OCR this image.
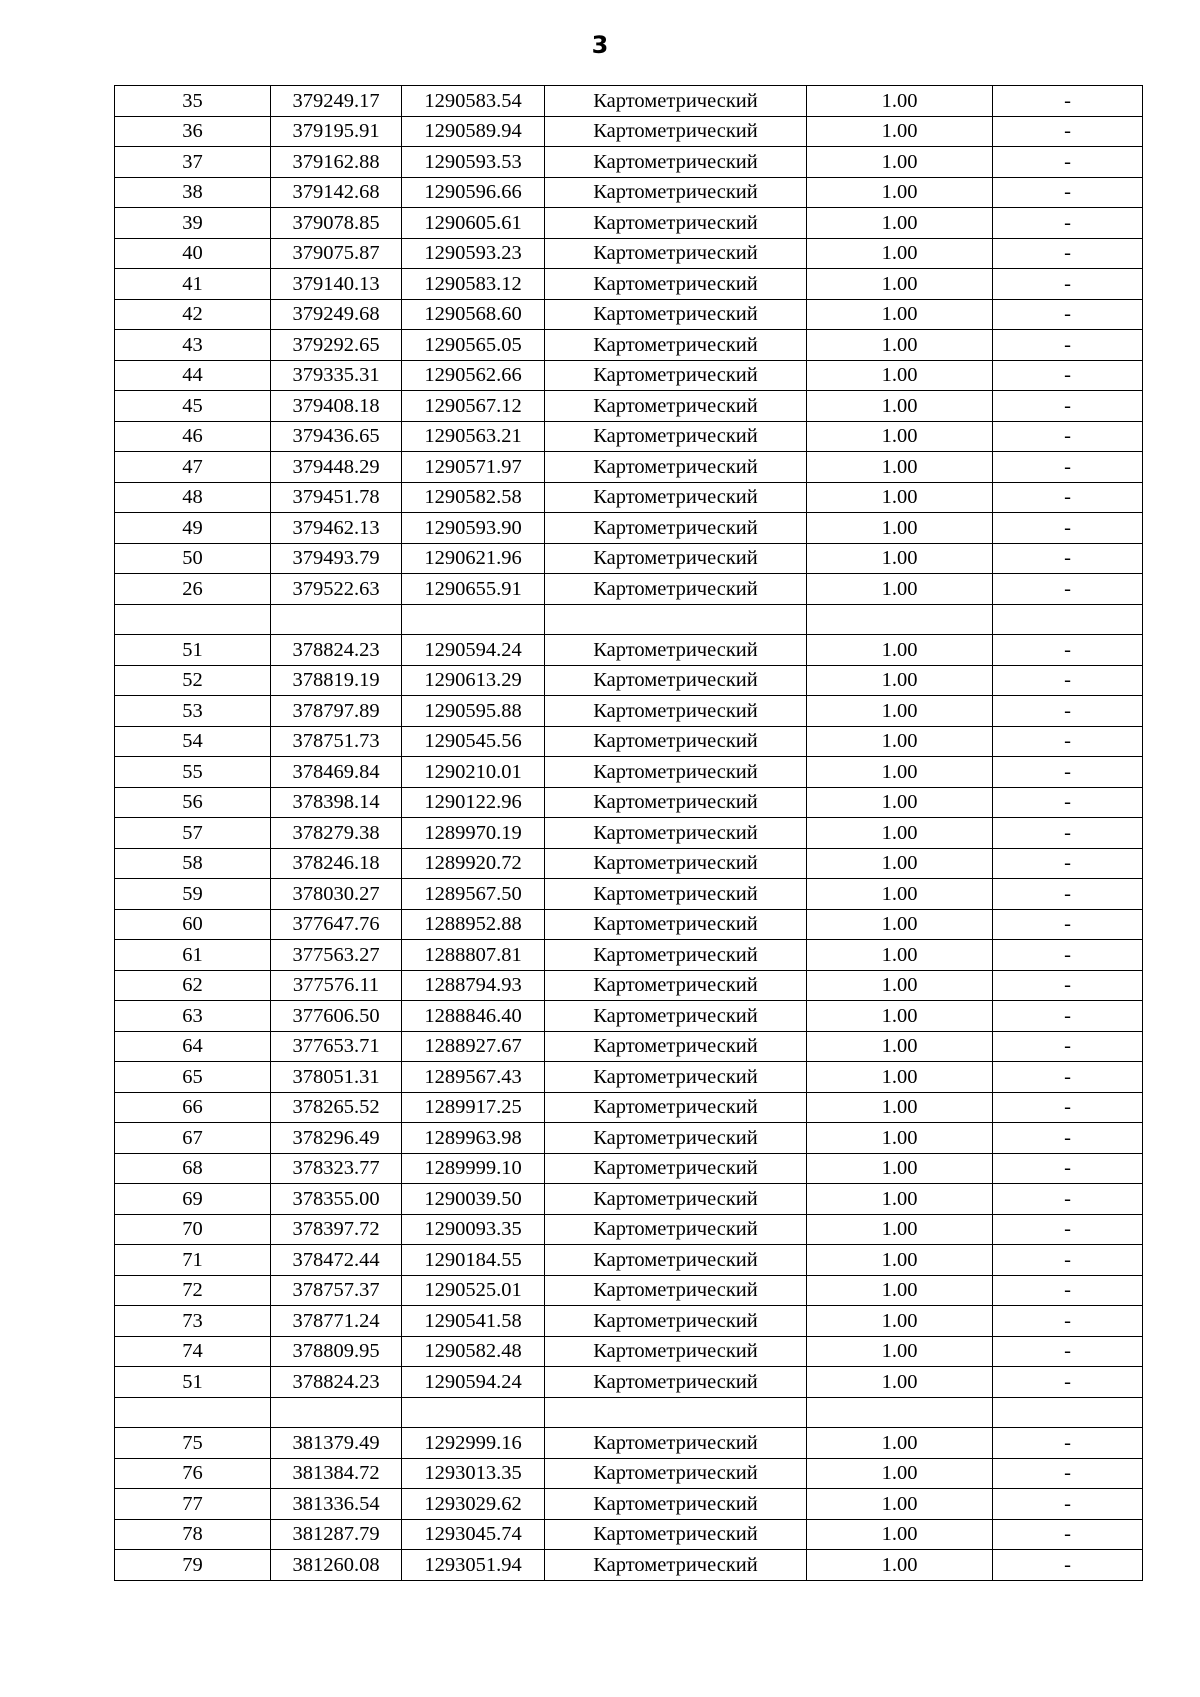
3
35	379249.17	1290583.54	Картометрический	1.00	-
36	379195.91	1290589.94	Картометрический	1.00	-
37	379162.88	1290593.53	Картометрический	1.00	-
38	379142.68	1290596.66	Картометрический	1.00	-
39	379078.85	1290605.61	Картометрический	1.00	-
40	379075.87	1290593.23	Картометрический	1.00	-
41	379140.13	1290583.12	Картометрический	1.00	-
42	379249.68	1290568.60	Картометрический	1.00	-
43	379292.65	1290565.05	Картометрический	1.00	-
44	379335.31	1290562.66	Картометрический	1.00	-
45	379408.18	1290567.12	Картометрический	1.00	-
46	379436.65	1290563.21	Картометрический	1.00	-
47	379448.29	1290571.97	Картометрический	1.00	-
48	379451.78	1290582.58	Картометрический	1.00	-
49	379462.13	1290593.90	Картометрический	1.00	-
50	379493.79	1290621.96	Картометрический	1.00	-
26	379522.63	1290655.91	Картометрический	1.00	-

51	378824.23	1290594.24	Картометрический	1.00	-
52	378819.19	1290613.29	Картометрический	1.00	-
53	378797.89	1290595.88	Картометрический	1.00	-
54	378751.73	1290545.56	Картометрический	1.00	-
55	378469.84	1290210.01	Картометрический	1.00	-
56	378398.14	1290122.96	Картометрический	1.00	-
57	378279.38	1289970.19	Картометрический	1.00	-
58	378246.18	1289920.72	Картометрический	1.00	-
59	378030.27	1289567.50	Картометрический	1.00	-
60	377647.76	1288952.88	Картометрический	1.00	-
61	377563.27	1288807.81	Картометрический	1.00	-
62	377576.11	1288794.93	Картометрический	1.00	-
63	377606.50	1288846.40	Картометрический	1.00	-
64	377653.71	1288927.67	Картометрический	1.00	-
65	378051.31	1289567.43	Картометрический	1.00	-
66	378265.52	1289917.25	Картометрический	1.00	-
67	378296.49	1289963.98	Картометрический	1.00	-
68	378323.77	1289999.10	Картометрический	1.00	-
69	378355.00	1290039.50	Картометрический	1.00	-
70	378397.72	1290093.35	Картометрический	1.00	-
71	378472.44	1290184.55	Картометрический	1.00	-
72	378757.37	1290525.01	Картометрический	1.00	-
73	378771.24	1290541.58	Картометрический	1.00	-
74	378809.95	1290582.48	Картометрический	1.00	-
51	378824.23	1290594.24	Картометрический	1.00	-

75	381379.49	1292999.16	Картометрический	1.00	-
76	381384.72	1293013.35	Картометрический	1.00	-
77	381336.54	1293029.62	Картометрический	1.00	-
78	381287.79	1293045.74	Картометрический	1.00	-
79	381260.08	1293051.94	Картометрический	1.00	-
